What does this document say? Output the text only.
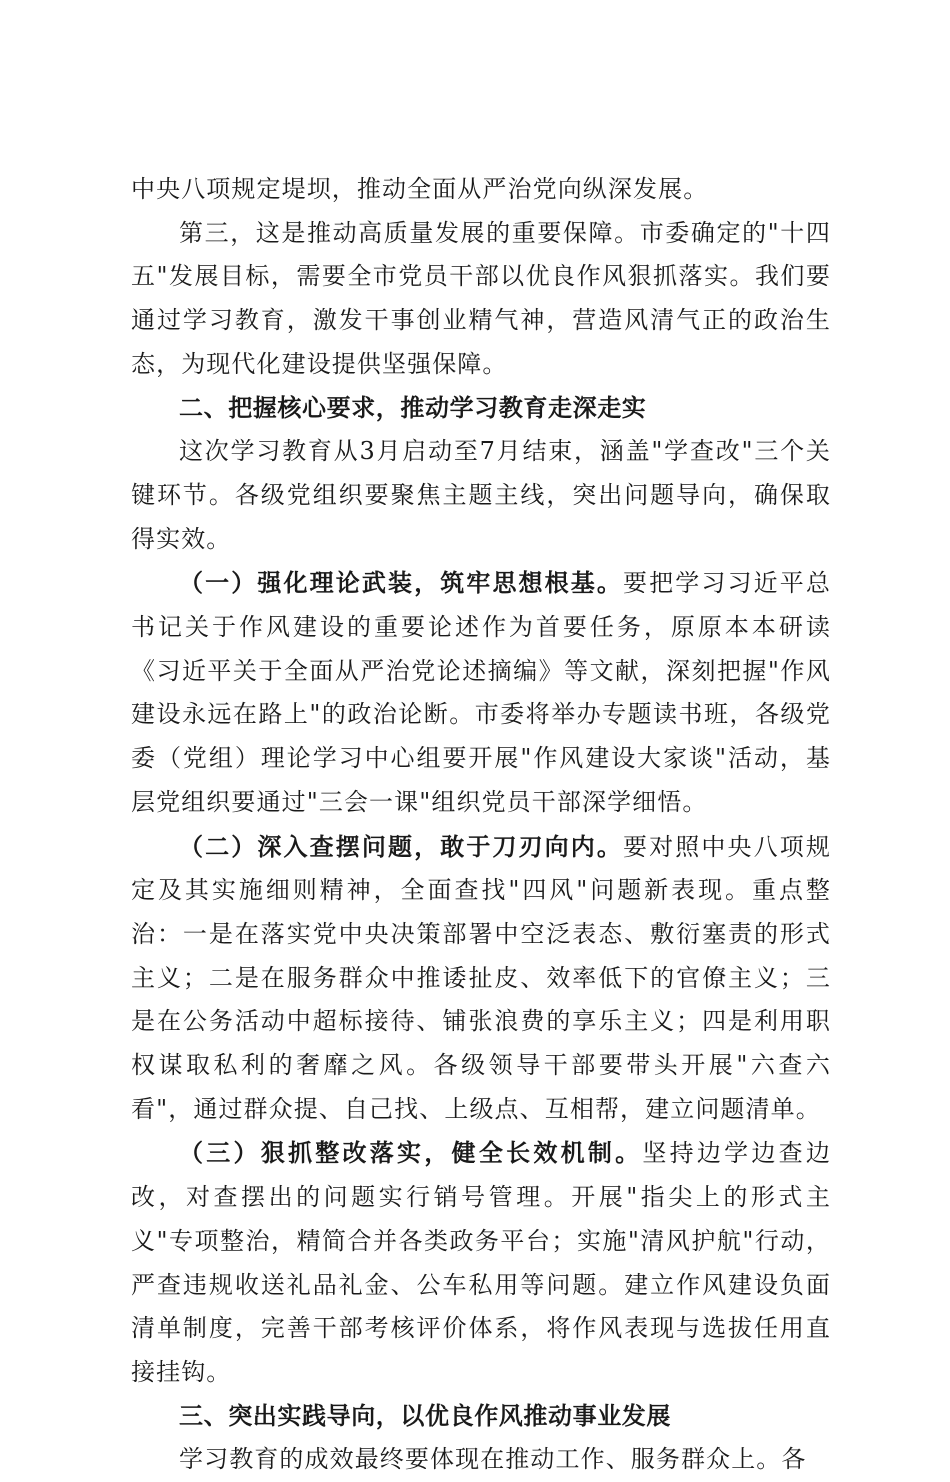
中央八项规定堤坝，推动全面从严治党向纵深发展。

第三，这是推动高质量发展的重要保障。市委确定的"十四五"发展目标，需要全市党员干部以优良作风狠抓落实。我们要通过学习教育，激发干事创业精气神，营造风清气正的政治生态，为现代化建设提供坚强保障。

二、把握核心要求，推动学习教育走深走实

这次学习教育从3月启动至7月结束，涵盖"学查改"三个关键环节。各级党组织要聚焦主题主线，突出问题导向，确保取得实效。

（一）强化理论武装，筑牢思想根基。要把学习习近平总书记关于作风建设的重要论述作为首要任务，原原本本研读《习近平关于全面从严治党论述摘编》等文献，深刻把握"作风建设永远在路上"的政治论断。市委将举办专题读书班，各级党委（党组）理论学习中心组要开展"作风建设大家谈"活动，基层党组织要通过"三会一课"组织党员干部深学细悟。

（二）深入查摆问题，敢于刀刃向内。要对照中央八项规定及其实施细则精神，全面查找"四风"问题新表现。重点整治：一是在落实党中央决策部署中空泛表态、敷衍塞责的形式主义；二是在服务群众中推诿扯皮、效率低下的官僚主义；三是在公务活动中超标接待、铺张浪费的享乐主义；四是利用职权谋取私利的奢靡之风。各级领导干部要带头开展"六查六看"，通过群众提、自己找、上级点、互相帮，建立问题清单。

（三）狠抓整改落实，健全长效机制。坚持边学边查边改，对查摆出的问题实行销号管理。开展"指尖上的形式主义"专项整治，精简合并各类政务平台；实施"清风护航"行动，严查违规收送礼品礼金、公车私用等问题。建立作风建设负面清单制度，完善干部考核评价体系，将作风表现与选拔任用直接挂钩。

三、突出实践导向，以优良作风推动事业发展

学习教育的成效最终要体现在推动工作、服务群众上。各
